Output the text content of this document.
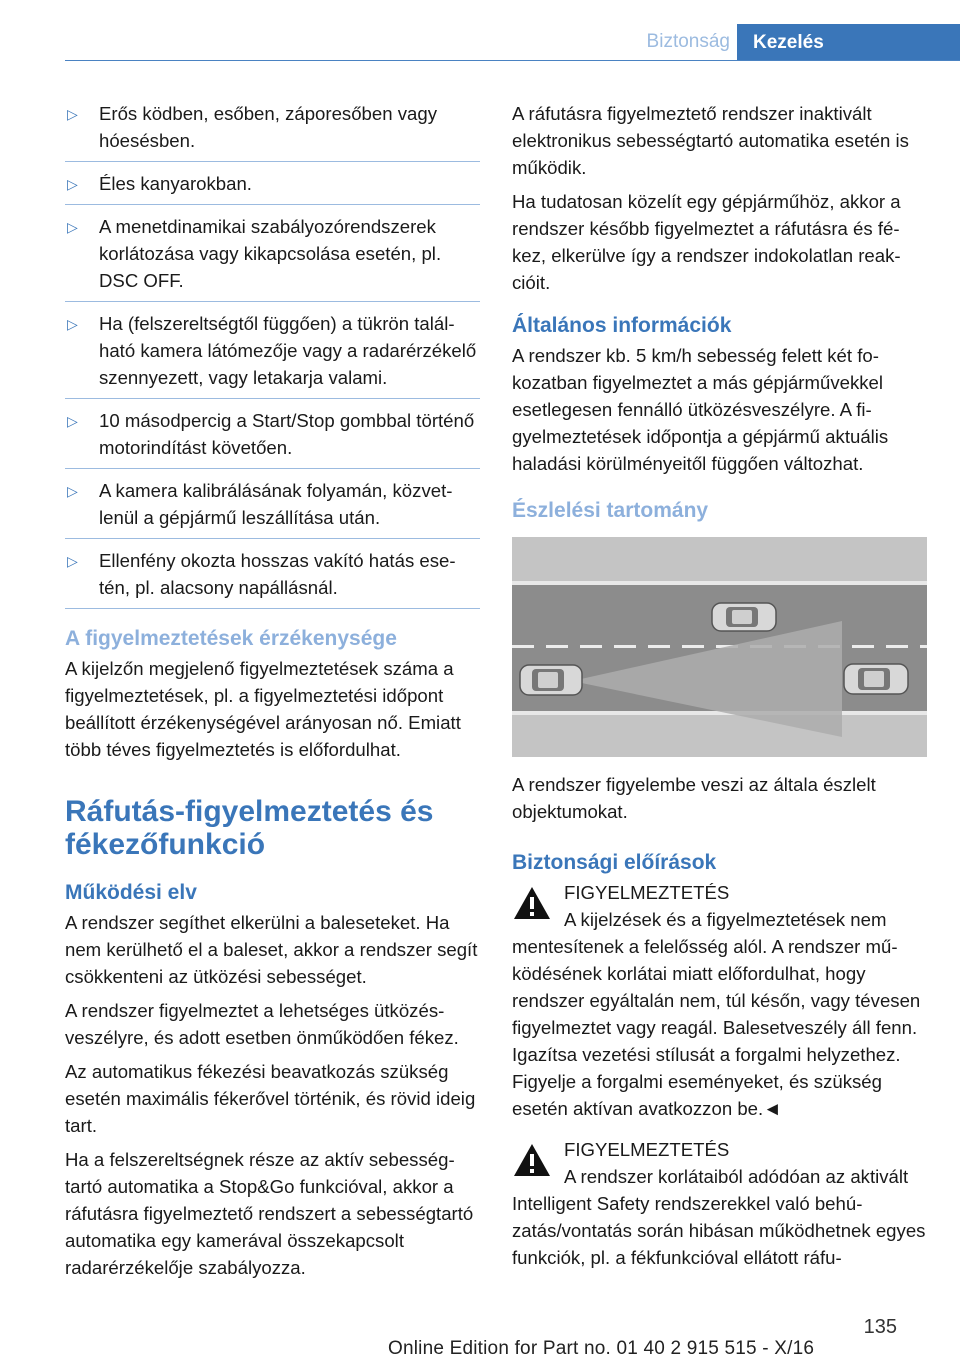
Biztonság	Kezelés
▷ Erős ködben, esőben, záporesőben vagy hóesésben.
▷ Éles kanyarokban.
▷ A menetdinamikai szabályozórendszerek korlátozása vagy kikapcsolása esetén, pl. DSC OFF.
▷ Ha (felszereltségtől függően) a tükrön található kamera látómezője vagy a radarérzékelő szennyezett, vagy letakarja valami.
▷ 10 másodpercig a Start/Stop gombbal történő motorindítást követően.
▷ A kamera kalibrálásának folyamán, közvetlenül a gépjármű leszállítása után.
▷ Ellenfény okozta hosszas vakító hatás esetén, pl. alacsony napállásnál.
A figyelmeztetések érzékenysége

A kijelzőn megjelenő figyelmeztetések száma a figyelmeztetések, pl. a figyelmeztetési időpont beállított érzékenységével arányosan nő. Emiatt több téves figyelmeztetés is előfordulhat.

Ráfutás-figyelmeztetés és fékezőfunkció
Működési elv

A rendszer segíthet elkerülni a baleseteket. Ha nem kerülhető el a baleset, akkor a rendszer segít csökkenteni az ütközési sebességet.

A rendszer figyelmeztet a lehetséges ütközésveszélyre, és adott esetben önműködően fékez.

Az automatikus fékezési beavatkozás szükség esetén maximális fékerővel történik, és rövid ideig tart.

Ha a felszereltségnek része az aktív sebességtartó automatika a Stop&Go funkcióval, akkor a ráfutásra figyelmeztető rendszert a sebességtartó automatika egy kamerával összekapcsolt radarérzékelője szabályozza.

A ráfutásra figyelmeztető rendszer inaktivált elektronikus sebességtartó automatika esetén is működik.

Ha tudatosan közelít egy gépjárműhöz, akkor a rendszer később figyelmeztet a ráfutásra és fékez, elkerülve így a rendszer indokolatlan reakcióit.

Általános információk

A rendszer kb. 5 km/h sebesség felett két fokozatban figyelmeztet a más gépjárművekkel esetlegesen fennálló ütközésveszélyre. A figyelmeztetések időpontja a gépjármű aktuális haladási körülményeitől függően változhat.

Észlelési tartomány

A rendszer figyelembe veszi az általa észlelt objektumokat.

Biztonsági előírások
FIGYELMEZTETÉS

A kijelzések és a figyelmeztetések nem mentesítenek a felelősség alól. A rendszer működésének korlátai miatt előfordulhat, hogy rendszer egyáltalán nem, túl későn, vagy tévesen figyelmeztet vagy reagál. Balesetveszély áll fenn. Igazítsa vezetési stílusát a forgalmi helyzethez. Figyelje a forgalmi eseményeket, és szükség esetén aktívan avatkozzon be.◄

FIGYELMEZTETÉS

A rendszer korlátaiból adódóan az aktivált Intelligent Safety rendszerekkel való behúzatás/vontatás során hibásan működhetnek egyes funkciók, pl. a fékfunkcióval ellátott ráfu-

135
Online Edition for Part no. 01 40 2 915 515 - X/16
